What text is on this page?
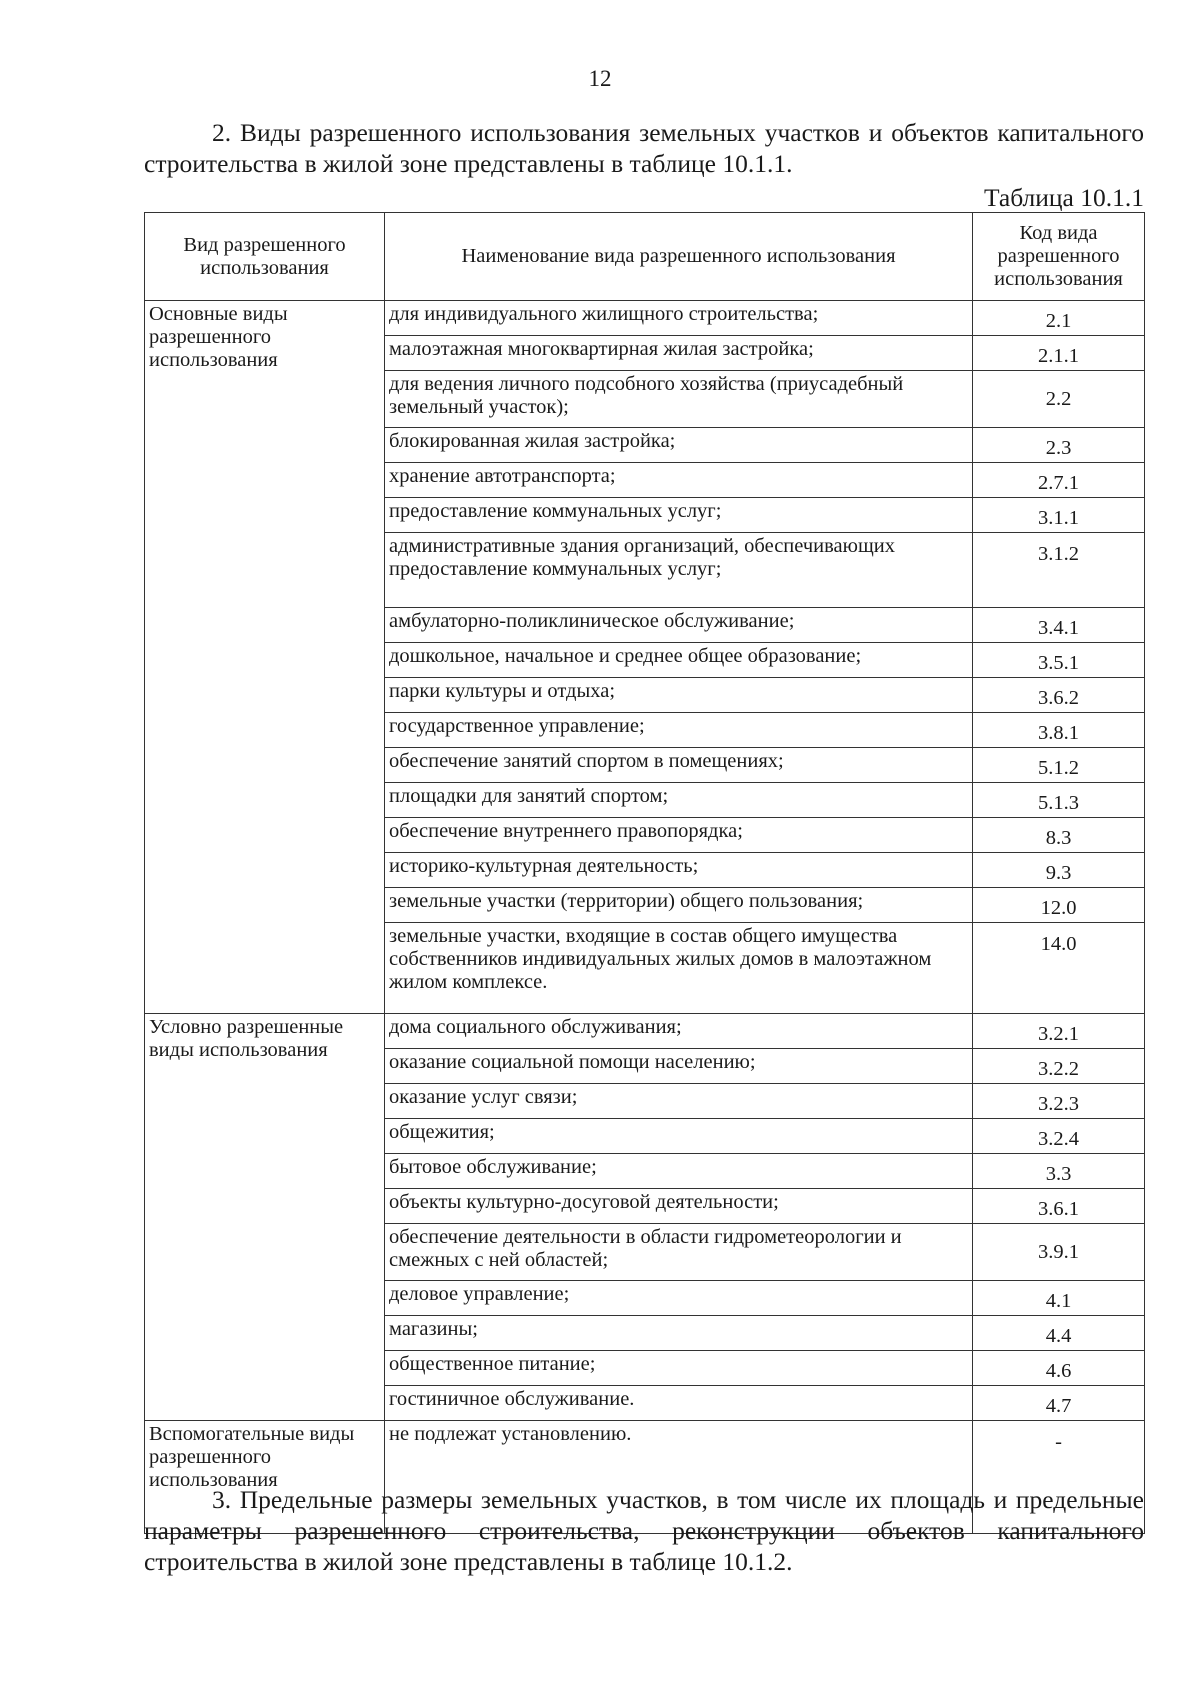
12

2. Виды разрешенного использования земельных участков и объектов капитального строительства в жилой зоне представлены в таблице 10.1.1.

Таблица 10.1.1
Вид разрешенного использования	Наименование вида разрешенного использования	Код вида разрешенного использования
Основные виды разрешенного использования	для индивидуального жилищного строительства;	2.1
	малоэтажная многоквартирная жилая застройка;	2.1.1
	для ведения личного подсобного хозяйства (приусадебный земельный участок);	2.2
	блокированная жилая застройка;	2.3
	хранение автотранспорта;	2.7.1
	предоставление коммунальных услуг;	3.1.1
	административные здания организаций, обеспечивающих предоставление коммунальных услуг;	3.1.2
	амбулаторно-поликлиническое обслуживание;	3.4.1
	дошкольное, начальное и среднее общее образование;	3.5.1
	парки культуры и отдыха;	3.6.2
	государственное управление;	3.8.1
	обеспечение занятий спортом в помещениях;	5.1.2
	площадки для занятий спортом;	5.1.3
	обеспечение внутреннего правопорядка;	8.3
	историко-культурная деятельность;	9.3
	земельные участки (территории) общего пользования;	12.0
	земельные участки, входящие в состав общего имущества собственников индивидуальных жилых домов в малоэтажном жилом комплексе.	14.0
Условно разрешенные виды использования	дома социального обслуживания;	3.2.1
	оказание социальной помощи населению;	3.2.2
	оказание услуг связи;	3.2.3
	общежития;	3.2.4
	бытовое обслуживание;	3.3
	объекты культурно-досуговой деятельности;	3.6.1
	обеспечение деятельности в области гидрометеорологии и смежных с ней областей;	3.9.1
	деловое управление;	4.1
	магазины;	4.4
	общественное питание;	4.6
	гостиничное обслуживание.	4.7
Вспомогательные виды разрешенного использования	не подлежат установлению.	-

3. Предельные размеры земельных участков, в том числе их площадь и предельные параметры разрешенного строительства, реконструкции объектов капитального строительства в жилой зоне представлены в таблице 10.1.2.
